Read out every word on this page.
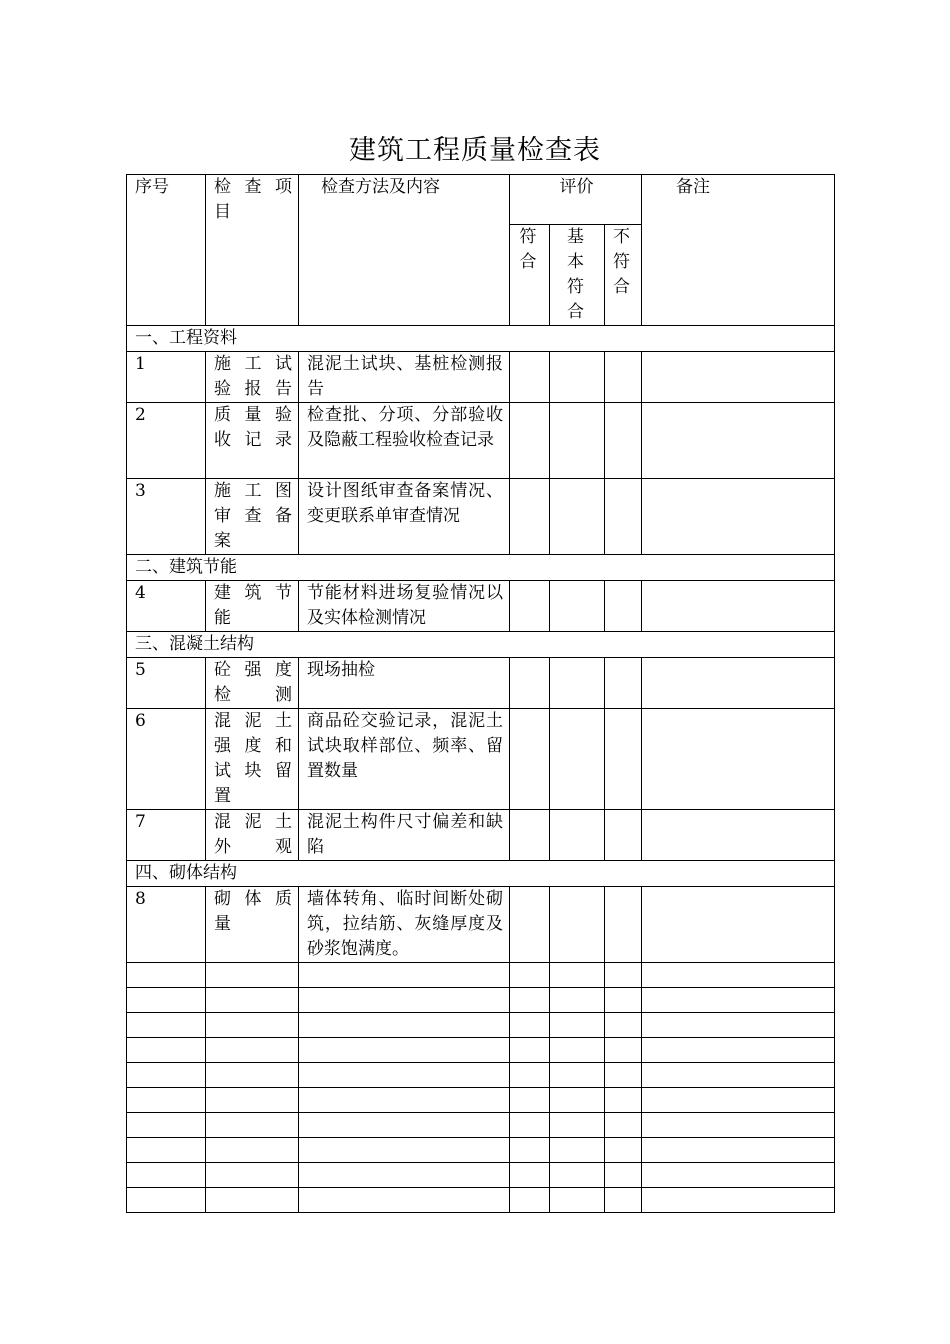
建筑工程质量检查表
序号	检 查 项 目	检查方法及内容	评价			备注
			符合	基本符合	不符合	
一、工程资料						
1	施 工 试 验报告	混泥土试块、基桩检测报告				
2	质 量 验 收记录	检查批、分项、分部验收及隐蔽工程验收检查记录				
3	施 工 图 审 查 备 案	设计图纸审查备案情况、变更联系单审查情况				
二、建筑节能						
4	建 筑 节 能	节能材料进场复验情况以及实体检测情况				
三、混凝土结构						
5	砼 强 度 检测	现场抽检				
6	混 泥 土 强 度 和 试 块 留 置	商品砼交验记录，混泥土试块取样部位、频率、留置数量				
7	混 泥 土 外观	混泥土构件尺寸偏差和缺陷				
四、砌体结构						
8	砌 体 质 量	墙体转角、临时间断处砌筑，拉结筋、灰缝厚度及砂浆饱满度。				
